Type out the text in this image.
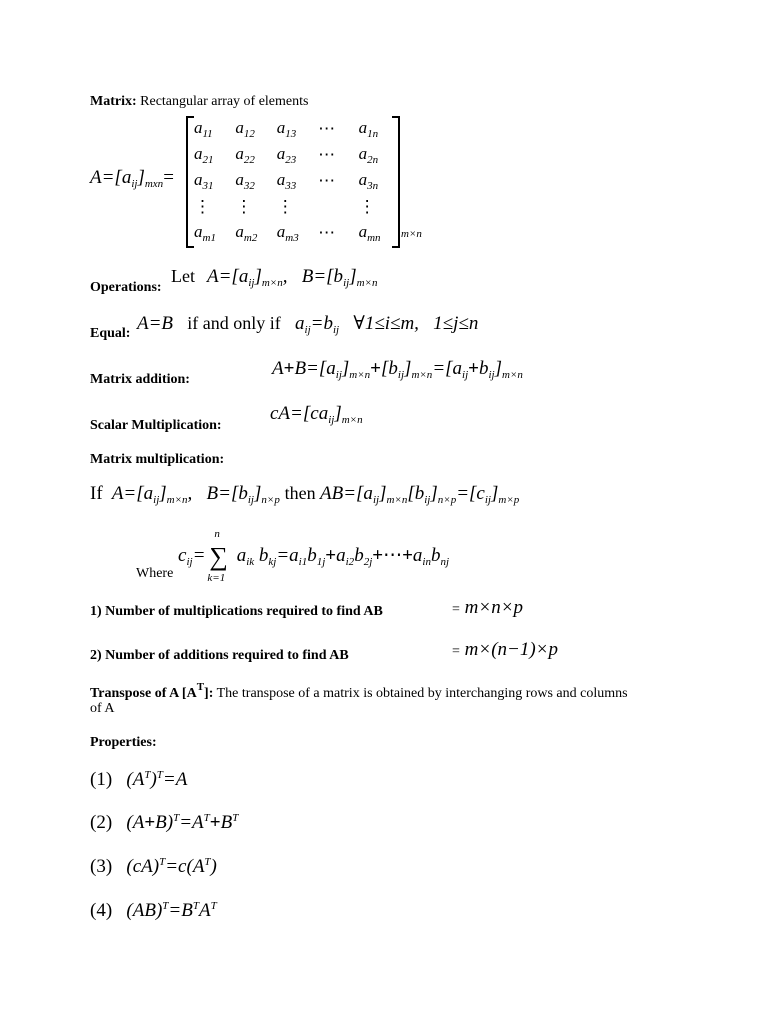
Matrix: Rectangular array of elements
$A=[a_{ij}]_{mxn}=$
$a_{11}$	$a_{12}$	$a_{13}$	⋯	$a_{1n}$
$a_{21}$	$a_{22}$	$a_{23}$	⋯	$a_{2n}$
$a_{31}$	$a_{32}$	$a_{33}$	⋯	$a_{3n}$
⋮	⋮	⋮		⋮
$a_{m1}$	$a_{m2}$	$a_{m3}$	⋯	$a_{mn}$ m×n
Operations:
Let $A=[a_{ij}]_{m\times n}$,   $B=[b_{ij}]_{m\times n}$
Equal: A=B   if and only if   $a_{ij}=b_{ij}$ ∀1≤i≤m,   1≤j≤n
Matrix addition:
$A+B=[a_{ij}]_{m\times n}+[b_{ij}]_{m\times n}=[a_{ij}+b_{ij}]_{m\times n}$
Scalar Multiplication:
$cA=[ca_{ij}]_{m\times n}$
Matrix multiplication:
If  $A=[a_{ij}]_{m\times n}$,   $B=[b_{ij}]_{n\times p}$ then $AB=[a_{ij}]_{m\times n}[b_{ij}]_{n\times p}=[c_{ij}]_{m\times p}$
Where
$c_{ij}=$ ∑
n
k=1
$a_{ik}$ $b_{kj}=a_{i1}b_{1j}+a_{i2}b_{2j}+\cdots+a_{in}b_{nj}$
1) Number of multiplications required to find AB	= m×n×p
2) Number of additions required to find AB	= m×(n−1)×p
Transpose of A $[A^T]$: The transpose of a matrix is obtained by interchanging rows and columns
of A
Properties:
(1)   $(A^T)^T=A$
(2)   $(A+B)^T=A^T+B^T$
(3)   $(cA)^T=c(A^T)$
(4)   $(AB)^T=B^TA^T$
